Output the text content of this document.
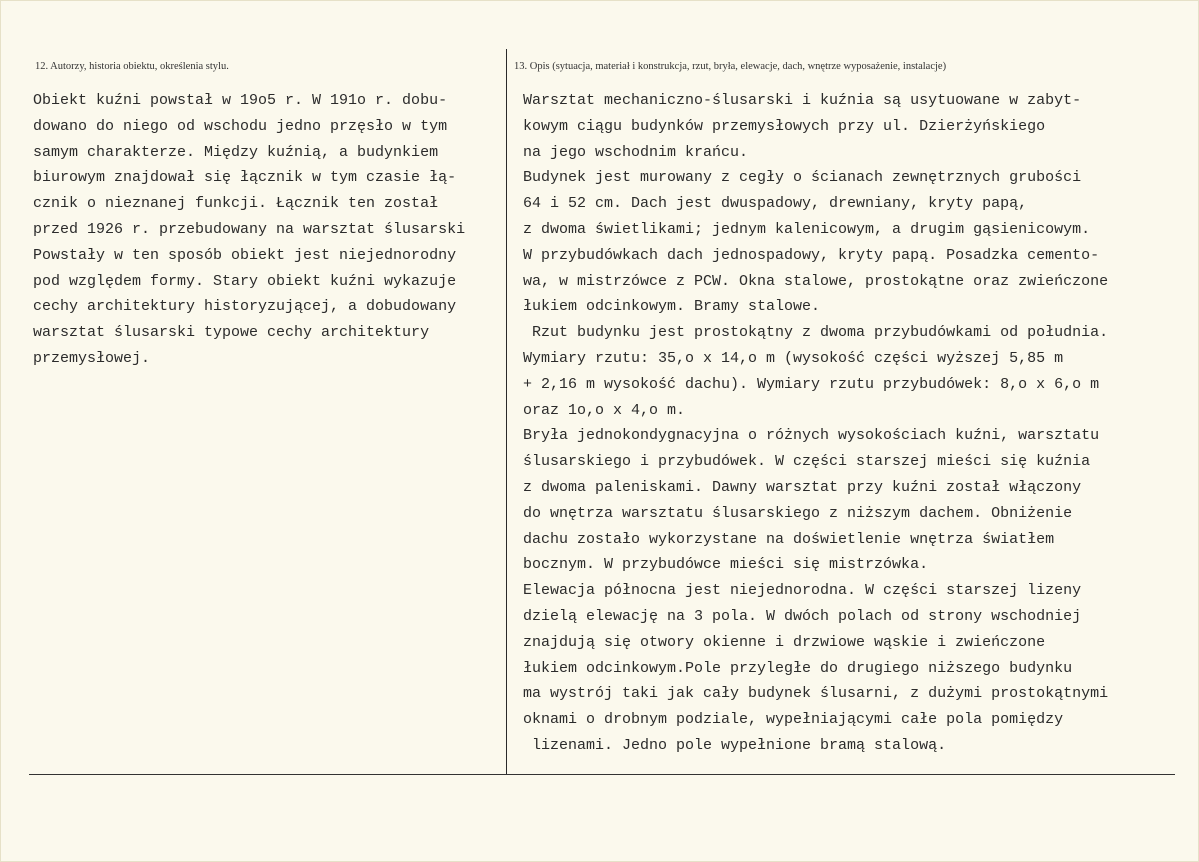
12. Autorzy, historia obiektu, określenia stylu.	13. Opis (sytuacja, materiał i konstrukcja, rzut, bryła, elewacje, dach, wnętrze wyposażenie, instalacje)
Obiekt kuźni powstał w 19o5 r. W 191o r. dobu-
dowano do niego od wschodu jedno przęsło w tym
samym charakterze. Między kuźnią, a budynkiem
biurowym znajdował się łącznik w tym czasie łą-
cznik o nieznanej funkcji. Łącznik ten został
przed 1926 r. przebudowany na warsztat ślusarski
Powstały w ten sposób obiekt jest niejednorodny
pod względem formy. Stary obiekt kuźni wykazuje
cechy architektury historyzującej, a dobudowany
warsztat ślusarski typowe cechy architektury
przemysłowej.
Warsztat mechaniczno-ślusarski i kuźnia są usytuowane w zabyt-
kowym ciągu budynków przemysłowych przy ul. Dzierżyńskiego
na jego wschodnim krańcu.
Budynek jest murowany z cegły o ścianach zewnętrznych grubości
64 i 52 cm. Dach jest dwuspadowy, drewniany, kryty papą,
z dwoma świetlikami; jednym kalenicowym, a drugim gąsienicowym.
W przybudówkach dach jednospadowy, kryty papą. Posadzka cemento-
wa, w mistrzówce z PCW. Okna stalowe, prostokątne oraz zwieńczone
łukiem odcinkowym. Bramy stalowe.
Rzut budynku jest prostokątny z dwoma przybudówkami od południa.
Wymiary rzutu: 35,o x 14,o m (wysokość części wyższej 5,85 m
+ 2,16 m wysokość dachu). Wymiary rzutu przybudówek: 8,o x 6,o m
oraz 1o,o x 4,o m.
Bryła jednokondygnacyjna o różnych wysokościach kuźni, warsztatu
ślusarskiego i przybudówek. W części starszej mieści się kuźnia
z dwoma paleniskami. Dawny warsztat przy kuźni został włączony
do wnętrza warsztatu ślusarskiego z niższym dachem. Obniżenie
dachu zostało wykorzystane na doświetlenie wnętrza światłem
bocznym. W przybudówce mieści się mistrzówka.
Elewacja północna jest niejednorodna. W części starszej lizeny
dzielą elewację na 3 pola. W dwóch polach od strony wschodniej
znajdują się otwory okienne i drzwiowe wąskie i zwieńczone
łukiem odcinkowym.Pole przyległe do drugiego niższego budynku
ma wystrój taki jak cały budynek ślusarni, z dużymi prostokątnymi
oknami o drobnym podziale, wypełniającymi całe pola pomiędzy
lizenami. Jedno pole wypełnione bramą stalową.
